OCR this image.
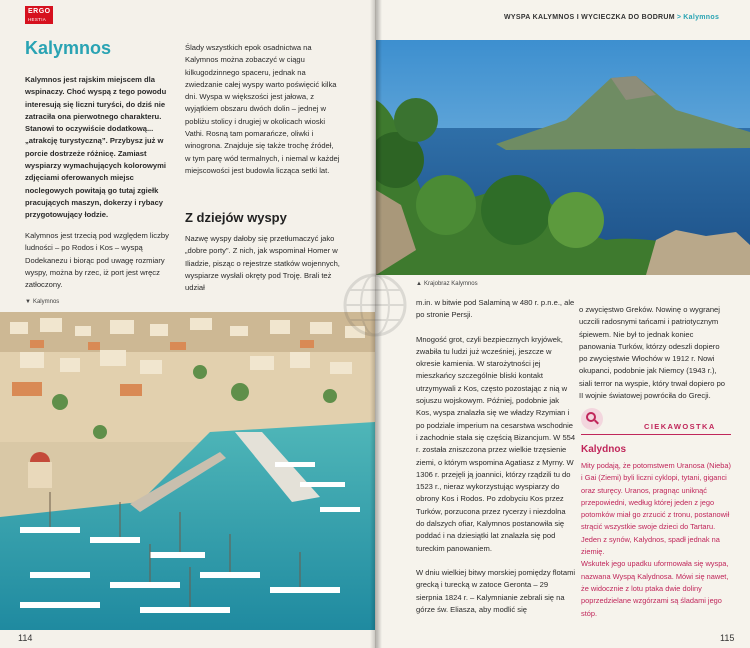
ERGO
HESTIA
Kalymnos

Kalymnos jest rajskim miejscem dla wspinaczy. Choć wyspą z tego powodu interesują się liczni turyści, do dziś nie zatraciła ona pierwotnego charakteru. Stanowi to oczywiście dodatkową... „atrakcję turystyczną”. Przybysz już w porcie dostrzeże różnicę. Zamiast wyspiarzy wymachujących kolorowymi zdjęciami oferowanych miejsc noclegowych powitają go tutaj zgiełk pracujących maszyn, dokerzy i rybacy przygotowujący łodzie.

Kalymnos jest trzecią pod względem liczby ludności – po Rodos i Kos – wyspą Dodekanezu i biorąc pod uwagę rozmiary wyspy, można by rzec, iż port jest wręcz zatłoczony.

Ślady wszystkich epok osadnictwa na Kalymnos można zobaczyć w ciągu kilkugodzinnego spaceru, jednak na zwiedzanie całej wyspy warto poświęcić kilka dni. Wyspa w większości jest jałowa, z wyjątkiem obszaru dwóch dolin – jednej w pobliżu stolicy i drugiej w okolicach wioski Vathi. Rosną tam pomarańcze, oliwki i winogrona. Znajduje się także trochę źródeł, w tym parę wód termalnych, i niemal w każdej miejscowości jest budowla licząca setki lat.

Z dziejów wyspy

Nazwę wyspy dałoby się przetłumaczyć jako „dobre porty”. Z nich, jak wspominał Homer w Iliadzie, pisząc o rejestrze statków wojennych, wyspiarze wysłali okręty pod Troję. Brali też udział

▼ Kalymnos
114
WYSPA KALYMNOS I WYCIECZKA DO BODRUM > Kalymnos
▲ Krajobraz Kalymnos

m.in. w bitwie pod Salaminą w 480 r. p.n.e., ale po stronie Persji.

Mnogość grot, czyli bezpiecznych kryjówek, zwabiła tu ludzi już wcześniej, jeszcze w okresie kamienia. W starożytności jej mieszkańcy szczególnie bliski kontakt utrzymywali z Kos, często pozostając z nią w sojuszu wojskowym. Później, podobnie jak Kos, wyspa znalazła się we władzy Rzymian i po podziale imperium na cesarstwa wschodnie i zachodnie stała się częścią Bizancjum. W 554 r. została zniszczona przez wielkie trzęsienie ziemi, o którym wspomina Agatiasz z Myrny. W 1306 r. przejęli ją joannici, którzy rządzili tu do 1523 r., nieraz wykorzystując wyspiarzy do obrony Kos i Rodos. Po zdobyciu Kos przez Turków, porzucona przez rycerzy i niezdolna do dalszych ofiar, Kalymnos postanowiła się poddać i na dziesiątki lat znalazła się pod tureckim panowaniem.

W dniu wielkiej bitwy morskiej pomiędzy flotami grecką i turecką w zatoce Geronta – 29 sierpnia 1824 r. – Kalymnianie zebrali się na górze św. Eliasza, aby modlić się

o zwycięstwo Greków. Nowinę o wygranej uczcili radosnymi tańcami i patriotycznym śpiewem. Nie był to jednak koniec panowania Turków, którzy odeszli dopiero po zwycięstwie Włochów w 1912 r. Nowi okupanci, podobnie jak Niemcy (1943 r.), siali terror na wyspie, który trwał dopiero po II wojnie światowej powróciła do Grecji.

CIEKAWOSTKA
Kalydnos
Mity podają, że potomstwem Uranosa (Nieba) i Gai (Ziemi) byli liczni cyklopi, tytani, giganci oraz sturęcy. Uranos, pragnąc uniknąć przepowiedni, według której jeden z jego potomków miał go zrzucić z tronu, postanowił strącić wszystkie swoje dzieci do Tartaru. Jeden z synów, Kalydnos, spadł jednak na ziemię.
Wskutek jego upadku uformowała się wyspa, nazwana Wyspą Kalydnosa. Mówi się nawet, że widocznie z lotu ptaka dwie doliny poprzedzielane wzgórzami są śladami jego stóp.
115
